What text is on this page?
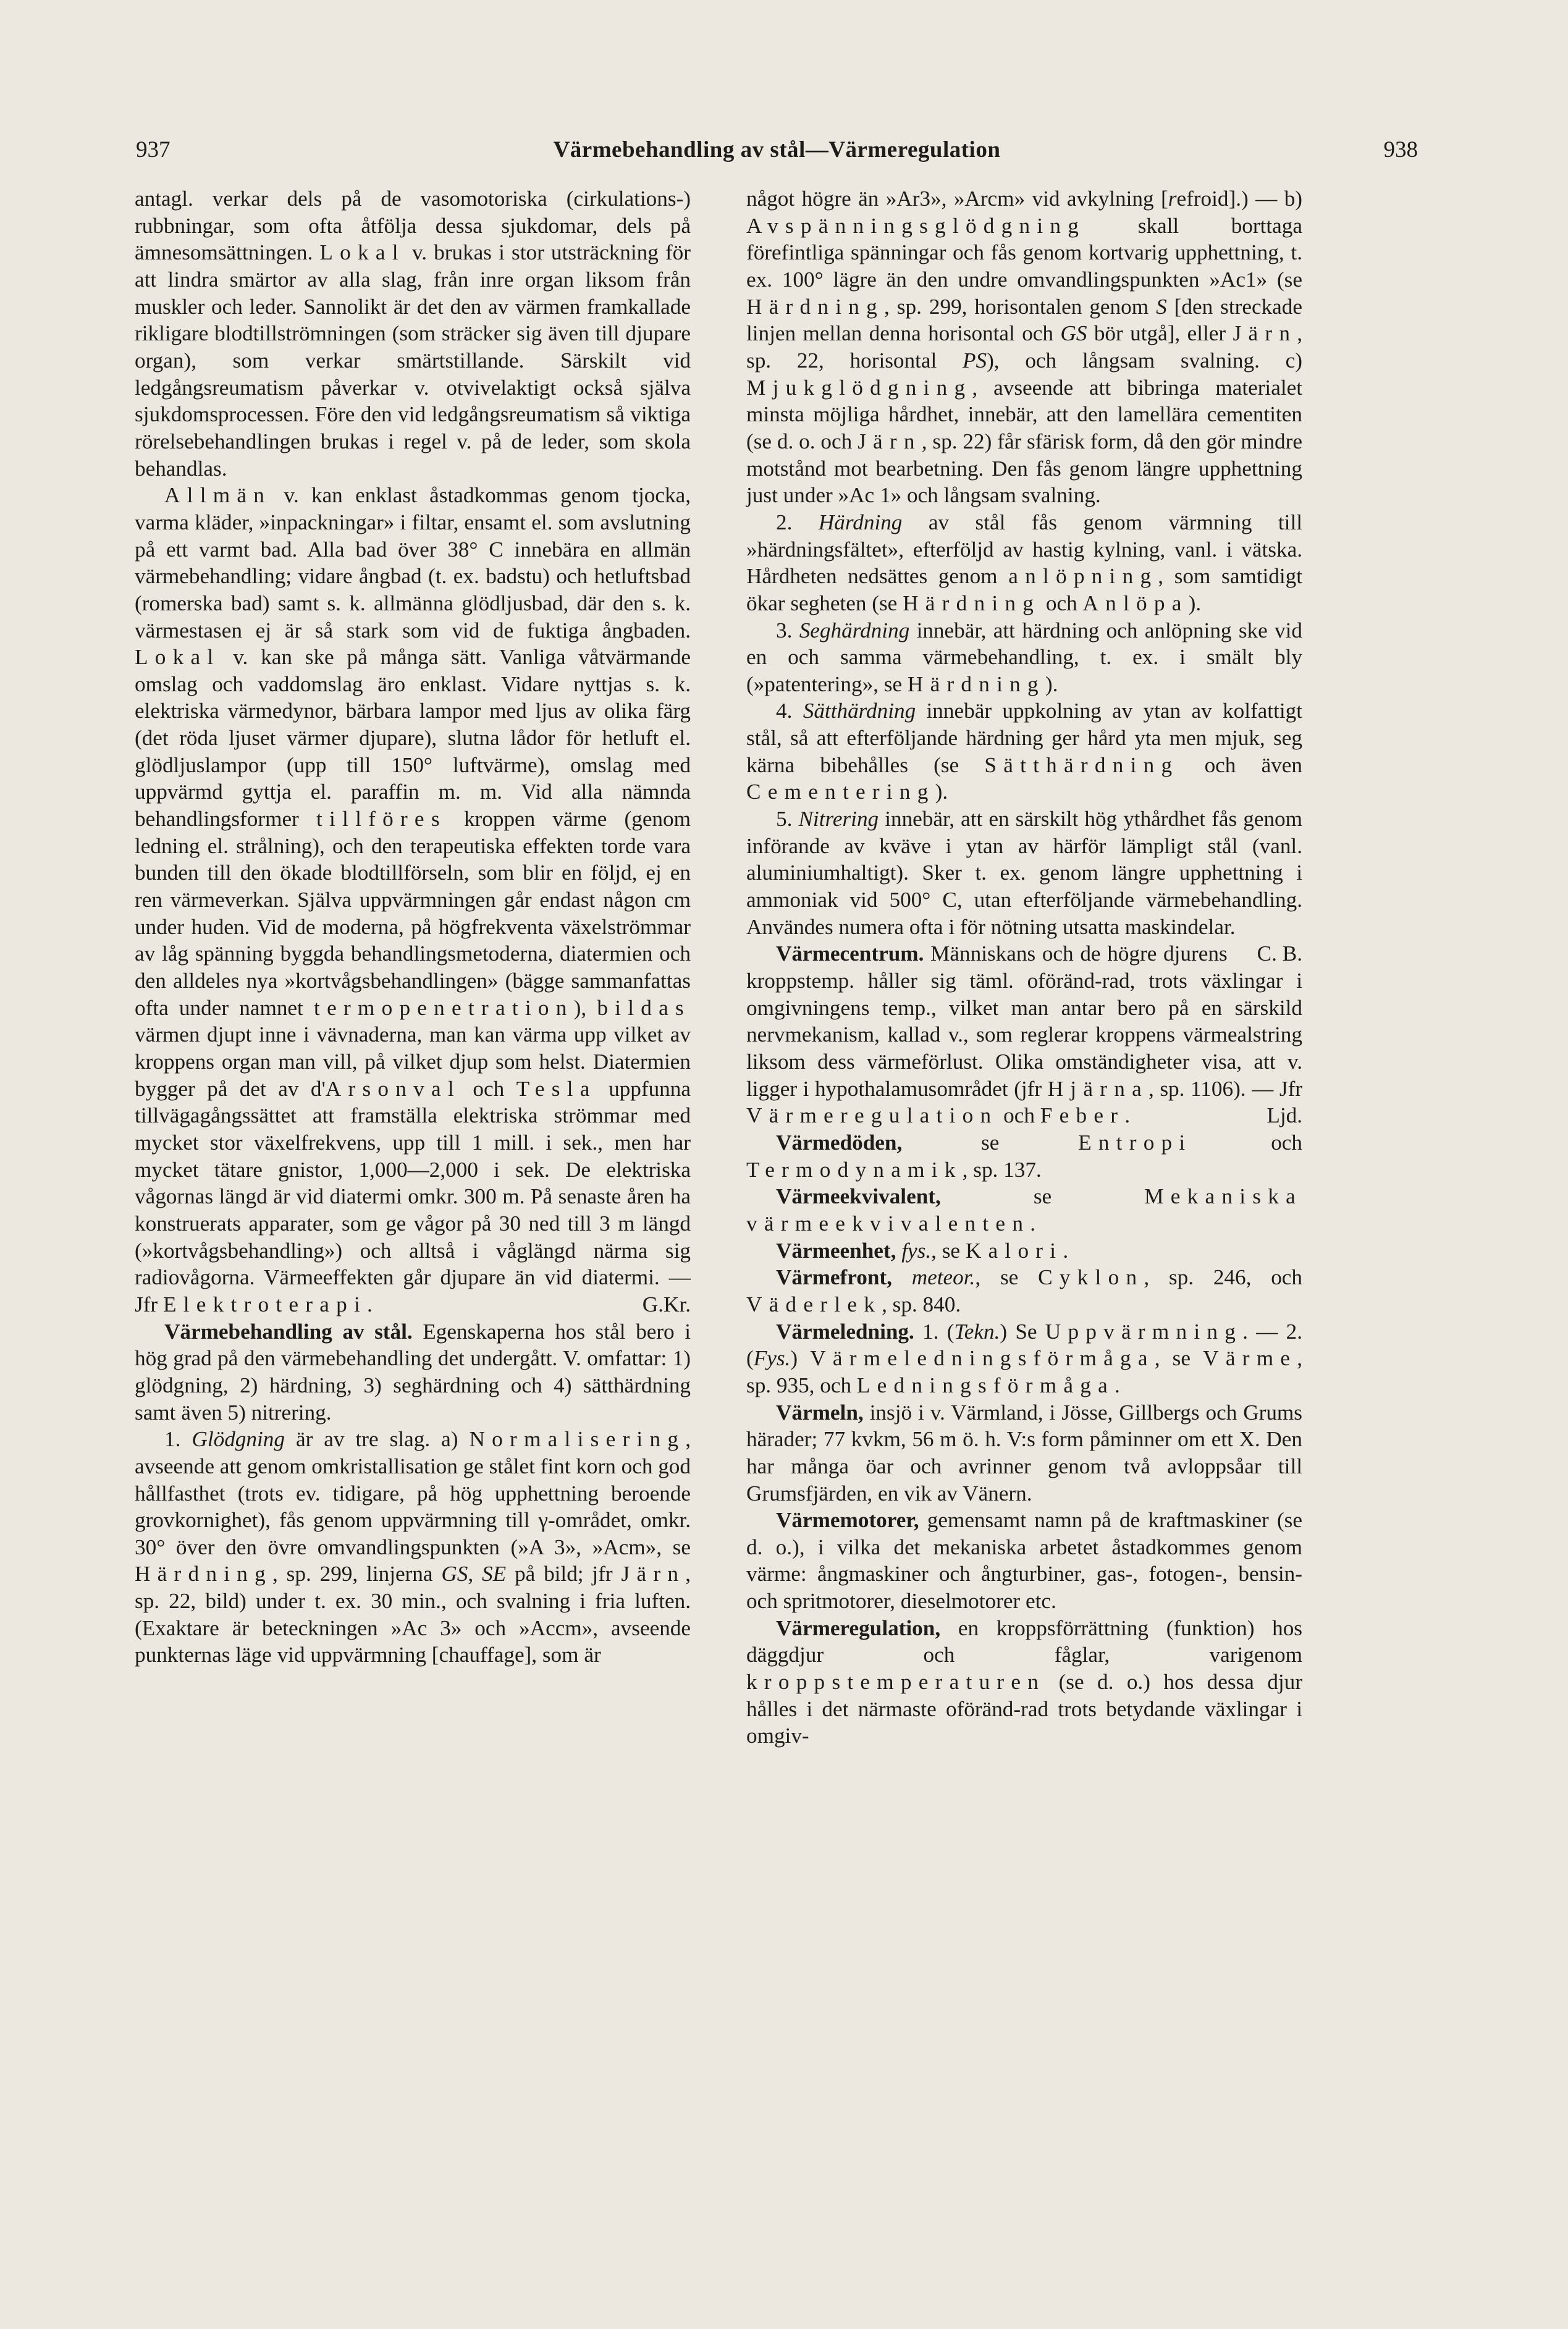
937	Värmebehandling av stål—Värmeregulation	938

antagl. verkar dels på de vasomotoriska (cirkulations-) rubbningar, som ofta åtfölja dessa sjukdomar, dels på ämnesomsättningen. Lokal v. brukas i stor utsträckning för att lindra smärtor av alla slag, från inre organ liksom från muskler och leder. Sannolikt är det den av värmen framkallade rikligare blodtillströmningen (som sträcker sig även till djupare organ), som verkar smärtstillande. Särskilt vid ledgångsreumatism påverkar v. otvivelaktigt också själva sjukdomsprocessen. Före den vid ledgångsreumatism så viktiga rörelsebehandlingen brukas i regel v. på de leder, som skola behandlas.

Allmän v. kan enklast åstadkommas genom tjocka, varma kläder, »inpackningar» i filtar, ensamt el. som avslutning på ett varmt bad. Alla bad över 38° C innebära en allmän värmebehandling; vidare ångbad (t. ex. badstu) och hetluftsbad (romerska bad) samt s. k. allmänna glödljusbad, där den s. k. värmestasen ej är så stark som vid de fuktiga ångbaden. Lokal v. kan ske på många sätt. Vanliga våtvärmande omslag och vaddomslag äro enklast. Vidare nyttjas s. k. elektriska värmedynor, bärbara lampor med ljus av olika färg (det röda ljuset värmer djupare), slutna lådor för hetluft el. glödljuslampor (upp till 150° luftvärme), omslag med uppvärmd gyttja el. paraffin m. m. Vid alla nämnda behandlingsformer tillföres kroppen värme (genom ledning el. strålning), och den terapeutiska effekten torde vara bunden till den ökade blodtillförseln, som blir en följd, ej en ren värmeverkan. Själva uppvärmningen går endast någon cm under huden. Vid de moderna, på högfrekventa växelströmmar av låg spänning byggda behandlingsmetoderna, diatermien och den alldeles nya »kortvågsbehandlingen» (bägge sammanfattas ofta under namnet termopenetration), bildas värmen djupt inne i vävnaderna, man kan värma upp vilket av kroppens organ man vill, på vilket djup som helst. Diatermien bygger på det av d'Arsonval och Tesla uppfunna tillvägagångssättet att framställa elektriska strömmar med mycket stor växelfrekvens, upp till 1 mill. i sek., men har mycket tätare gnistor, 1,000—2,000 i sek. De elektriska vågornas längd är vid diatermi omkr. 300 m. På senaste åren ha konstruerats apparater, som ge vågor på 30 ned till 3 m längd (»kortvågsbehandling») och alltså i våglängd närma sig radiovågorna. Värmeeffekten går djupare än vid diatermi. — Jfr Elektroterapi.	G.Kr.

Värmebehandling av stål. Egenskaperna hos stål bero i hög grad på den värmebehandling det undergått. V. omfattar: 1) glödgning, 2) härdning, 3) seghärdning och 4) sätthärdning samt även 5) nitrering.

1. Glödgning är av tre slag. a) Normalisering, avseende att genom omkristallisation ge stålet fint korn och god hållfasthet (trots ev. tidigare, på hög upphettning beroende grovkornighet), fås genom uppvärmning till γ-området, omkr. 30° över den övre omvandlingspunkten (»A 3», »Acm», se Härdning, sp. 299, linjerna GS, SE på bild; jfr Järn, sp. 22, bild) under t. ex. 30 min., och svalning i fria luften. (Exaktare är beteckningen »Ac 3» och »Accm», avseende punkternas läge vid uppvärmning [chauffage], som är

något högre än »Ar3», »Arcm» vid avkylning [refroid].) — b) Avspänningsglödgning skall borttaga förefintliga spänningar och fås genom kortvarig upphettning, t. ex. 100° lägre än den undre omvandlingspunkten »Ac1» (se Härdning, sp. 299, horisontalen genom S [den streckade linjen mellan denna horisontal och GS bör utgå], eller Järn, sp. 22, horisontal PS), och långsam svalning. c) Mjukglödgning, avseende att bibringa materialet minsta möjliga hårdhet, innebär, att den lamellära cementiten (se d. o. och Järn, sp. 22) får sfärisk form, då den gör mindre motstånd mot bearbetning. Den fås genom längre upphettning just under »Ac 1» och långsam svalning.

2. Härdning av stål fås genom värmning till »härdningsfältet», efterföljd av hastig kylning, vanl. i vätska. Hårdheten nedsättes genom anlöpning, som samtidigt ökar segheten (se Härdning och Anlöpa).

3. Seghärdning innebär, att härdning och anlöpning ske vid en och samma värmebehandling, t. ex. i smält bly (»patentering», se Härdning).

4. Sätthärdning innebär uppkolning av ytan av kolfattigt stål, så att efterföljande härdning ger hård yta men mjuk, seg kärna bibehålles (se Sätthärdning och även Cementering).

5. Nitrering innebär, att en särskilt hög ythårdhet fås genom införande av kväve i ytan av härför lämpligt stål (vanl. aluminiumhaltigt). Sker t. ex. genom längre upphettning i ammoniak vid 500° C, utan efterföljande värmebehandling. Användes numera ofta i för nötning utsatta maskindelar.
C. B.

Värmecentrum. Människans och de högre djurens kroppstemp. håller sig täml. oföränd-rad, trots växlingar i omgivningens temp., vilket man antar bero på en särskild nervmekanism, kallad v., som reglerar kroppens värmealstring liksom dess värmeförlust. Olika omständigheter visa, att v. ligger i hypothalamusområdet (jfr Hjärna, sp. 1106). — Jfr Värmeregulation och Feber.	Ljd.

Värmedöden, se Entropi och Termodynamik, sp. 137.

Värmeekvivalent, se Mekaniska värmeekvivalenten.

Värmeenhet, fys., se Kalori.

Värmefront, meteor., se Cyklon, sp. 246, och Väderlek, sp. 840.

Värmeledning. 1. (Tekn.) Se Uppvärmning. — 2. (Fys.) Värmeledningsförmåga, se Värme, sp. 935, och Ledningsförmåga.

Värmeln, insjö i v. Värmland, i Jösse, Gillbergs och Grums härader; 77 kvkm, 56 m ö. h. V:s form påminner om ett X. Den har många öar och avrinner genom två avloppsåar till Grumsfjärden, en vik av Vänern.

Värmemotorer, gemensamt namn på de kraftmaskiner (se d. o.), i vilka det mekaniska arbetet åstadkommes genom värme: ångmaskiner och ångturbiner, gas-, fotogen-, bensin- och spritmotorer, dieselmotorer etc.

Värmeregulation, en kroppsförrättning (funktion) hos däggdjur och fåglar, varigenom kroppstemperaturen (se d. o.) hos dessa djur hålles i det närmaste oföränd-rad trots betydande växlingar i omgiv-
